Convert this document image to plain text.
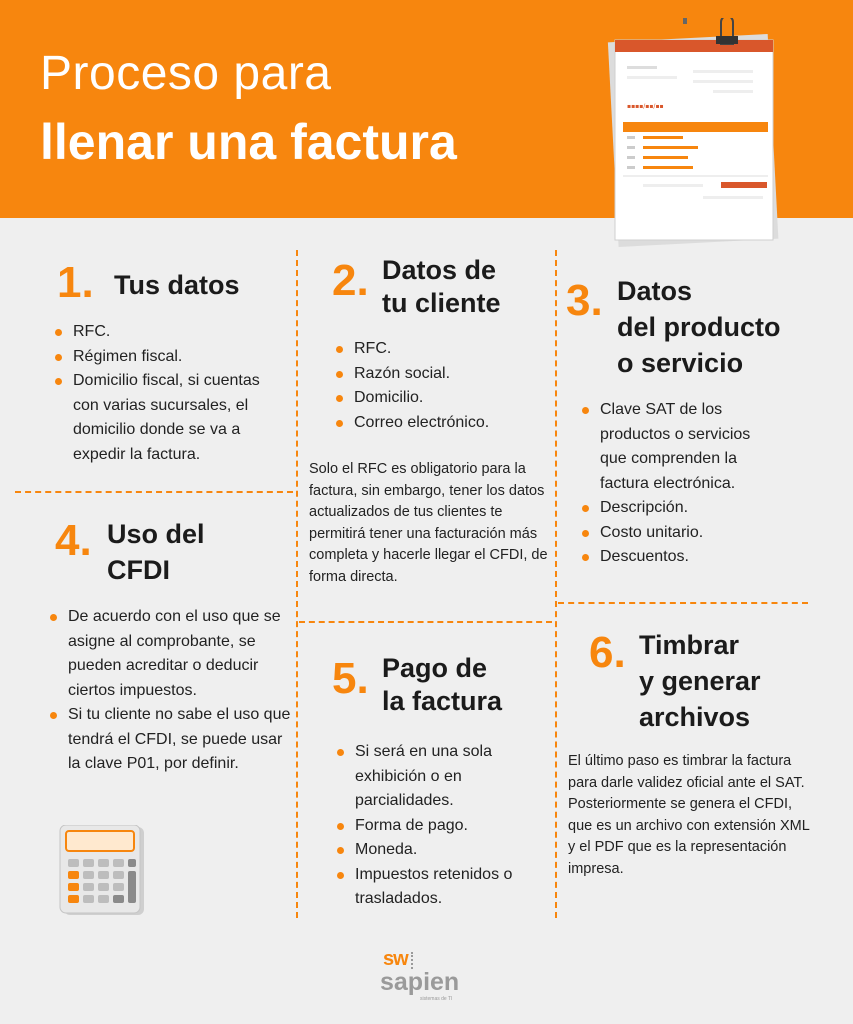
Proceso para
llenar una factura
▪▪▪▪/▪▪/▪▪
1. Tus datos
RFC.
Régimen fiscal.
Domicilio fiscal, si cuentas con varias sucursales, el domicilio donde se va a expedir la factura.
2. Datos de
tu cliente
RFC.
Razón social.
Domicilio.
Correo electrónico.

Solo el RFC es obligatorio para la factura, sin embargo, tener los datos actualizados de tus clientes te permitirá tener una facturación más completa y hacerle llegar el CFDI, de forma directa.

3. Datos
del producto
o servicio
Clave SAT de los productos o servicios que comprenden la factura electrónica.
Descripción.
Costo unitario.
Descuentos.
4. Uso del
CFDI
De acuerdo con el uso que se asigne al comprobante, se pueden acreditar o deducir ciertos impuestos.
Si tu cliente no sabe el uso que tendrá el CFDI, se puede usar la clave P01, por definir.
5. Pago de
la factura
Si será en una sola exhibición o en parcialidades.
Forma de pago.
Moneda.
Impuestos retenidos o trasladados.
6. Timbrar
y generar
archivos

El último paso es timbrar la factura para darle validez oficial ante el SAT. Posteriormente se genera el CFDI, que es un archivo con extensión XML y el PDF que es la representación impresa.

sw
sapien
sistemas de TI
